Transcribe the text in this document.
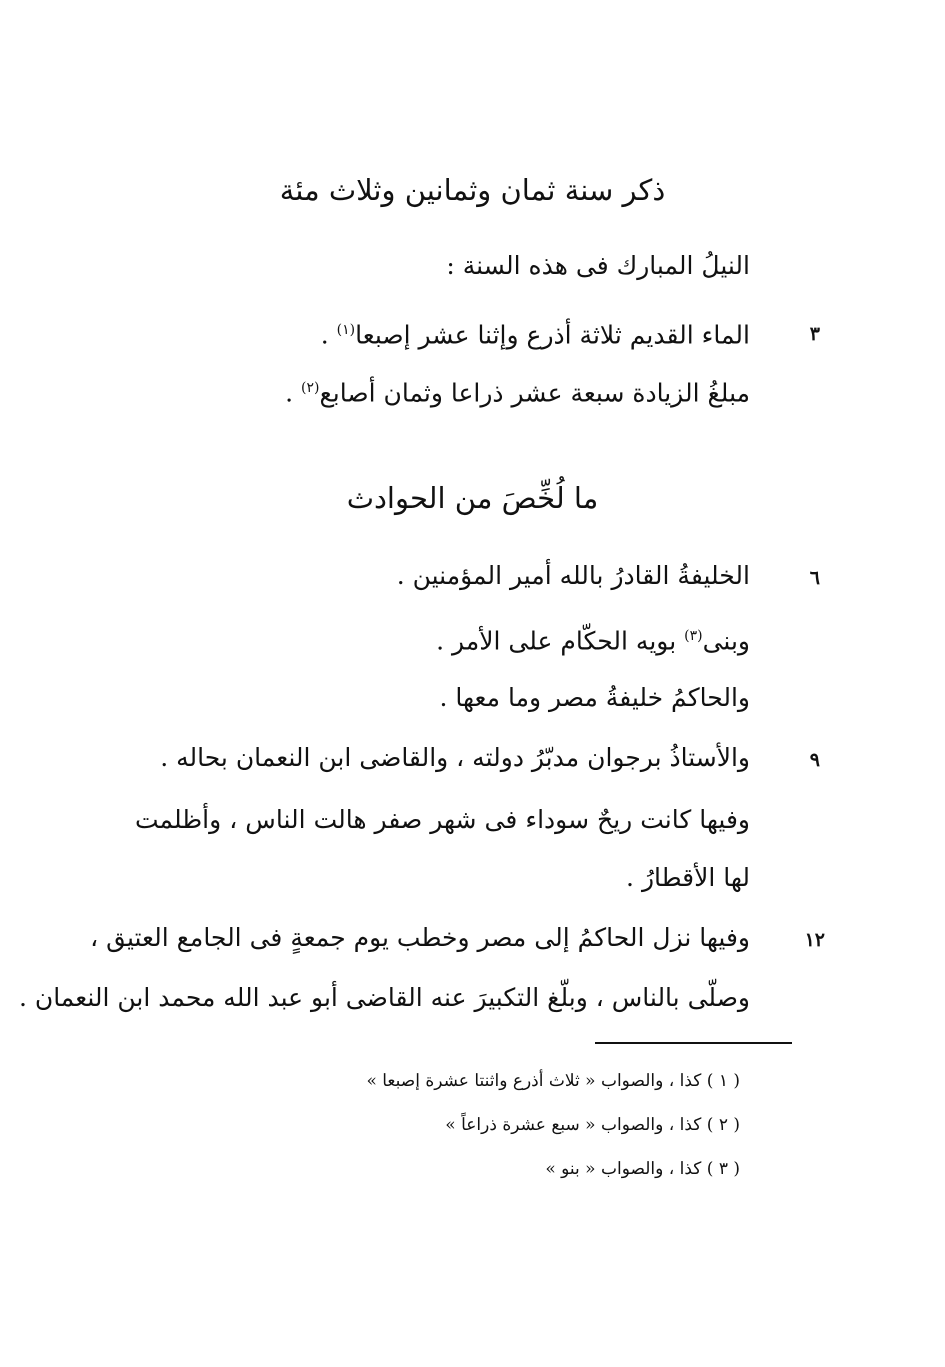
ذكر سنة ثمان وثمانين وثلاث مئة
النيلُ المبارك فى هذه السنة :
الماء القديم ثلاثة أذرع وإثنا عشر إصبعا$^{(١)}$ .	٣
مبلغُ الزيادة سبعة عشر ذراعا وثمان أصابع$^{(٢)}$ .
ما لُخِّصَ من الحوادث
الخليفةُ القادرُ بالله أمير المؤمنين .	٦
وبنى$^{(٣)}$ بويه الحكّام على الأمر .
والحاكمُ خليفةُ مصر وما معها .
والأستاذُ برجوان مدبّرُ دولته ، والقاضى ابن النعمان بحاله .	٩
وفيها كانت ريحٌ سوداء فى شهر صفر هالت الناس ، وأظلمت
لها الأقطارُ .
وفيها نزل الحاكمُ إلى مصر وخطب يوم جمعةٍ فى الجامع العتيق ،	١٢
وصلّى بالناس ، وبلّغ التكبيرَ عنه القاضى أبو عبد الله محمد ابن النعمان .
( ١ ) كذا ، والصواب « ثلاث أذرع واثنتا عشرة إصبعا »
( ٢ ) كذا ، والصواب « سبع عشرة ذراعاً »
( ٣ ) كذا ، والصواب « بنو »
